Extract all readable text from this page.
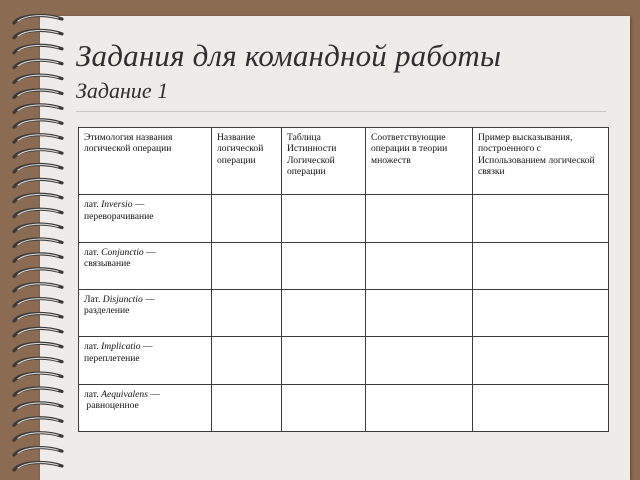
Задания для командной работы
Задание 1
Этимология названия логической операции	Название логической операции	Таблица Истинности Логической операции	Соответствующие операции в теории множеств	Пример высказывания, построенного с Использованием логической связки
лат. Inversio —
переворачивание				
лат. Conjunctio —
связывание				
Лат. Disjunctio —
разделение				
лат. Implicatio —
переплетение				
лат. Aequivalens —
равноценное				
